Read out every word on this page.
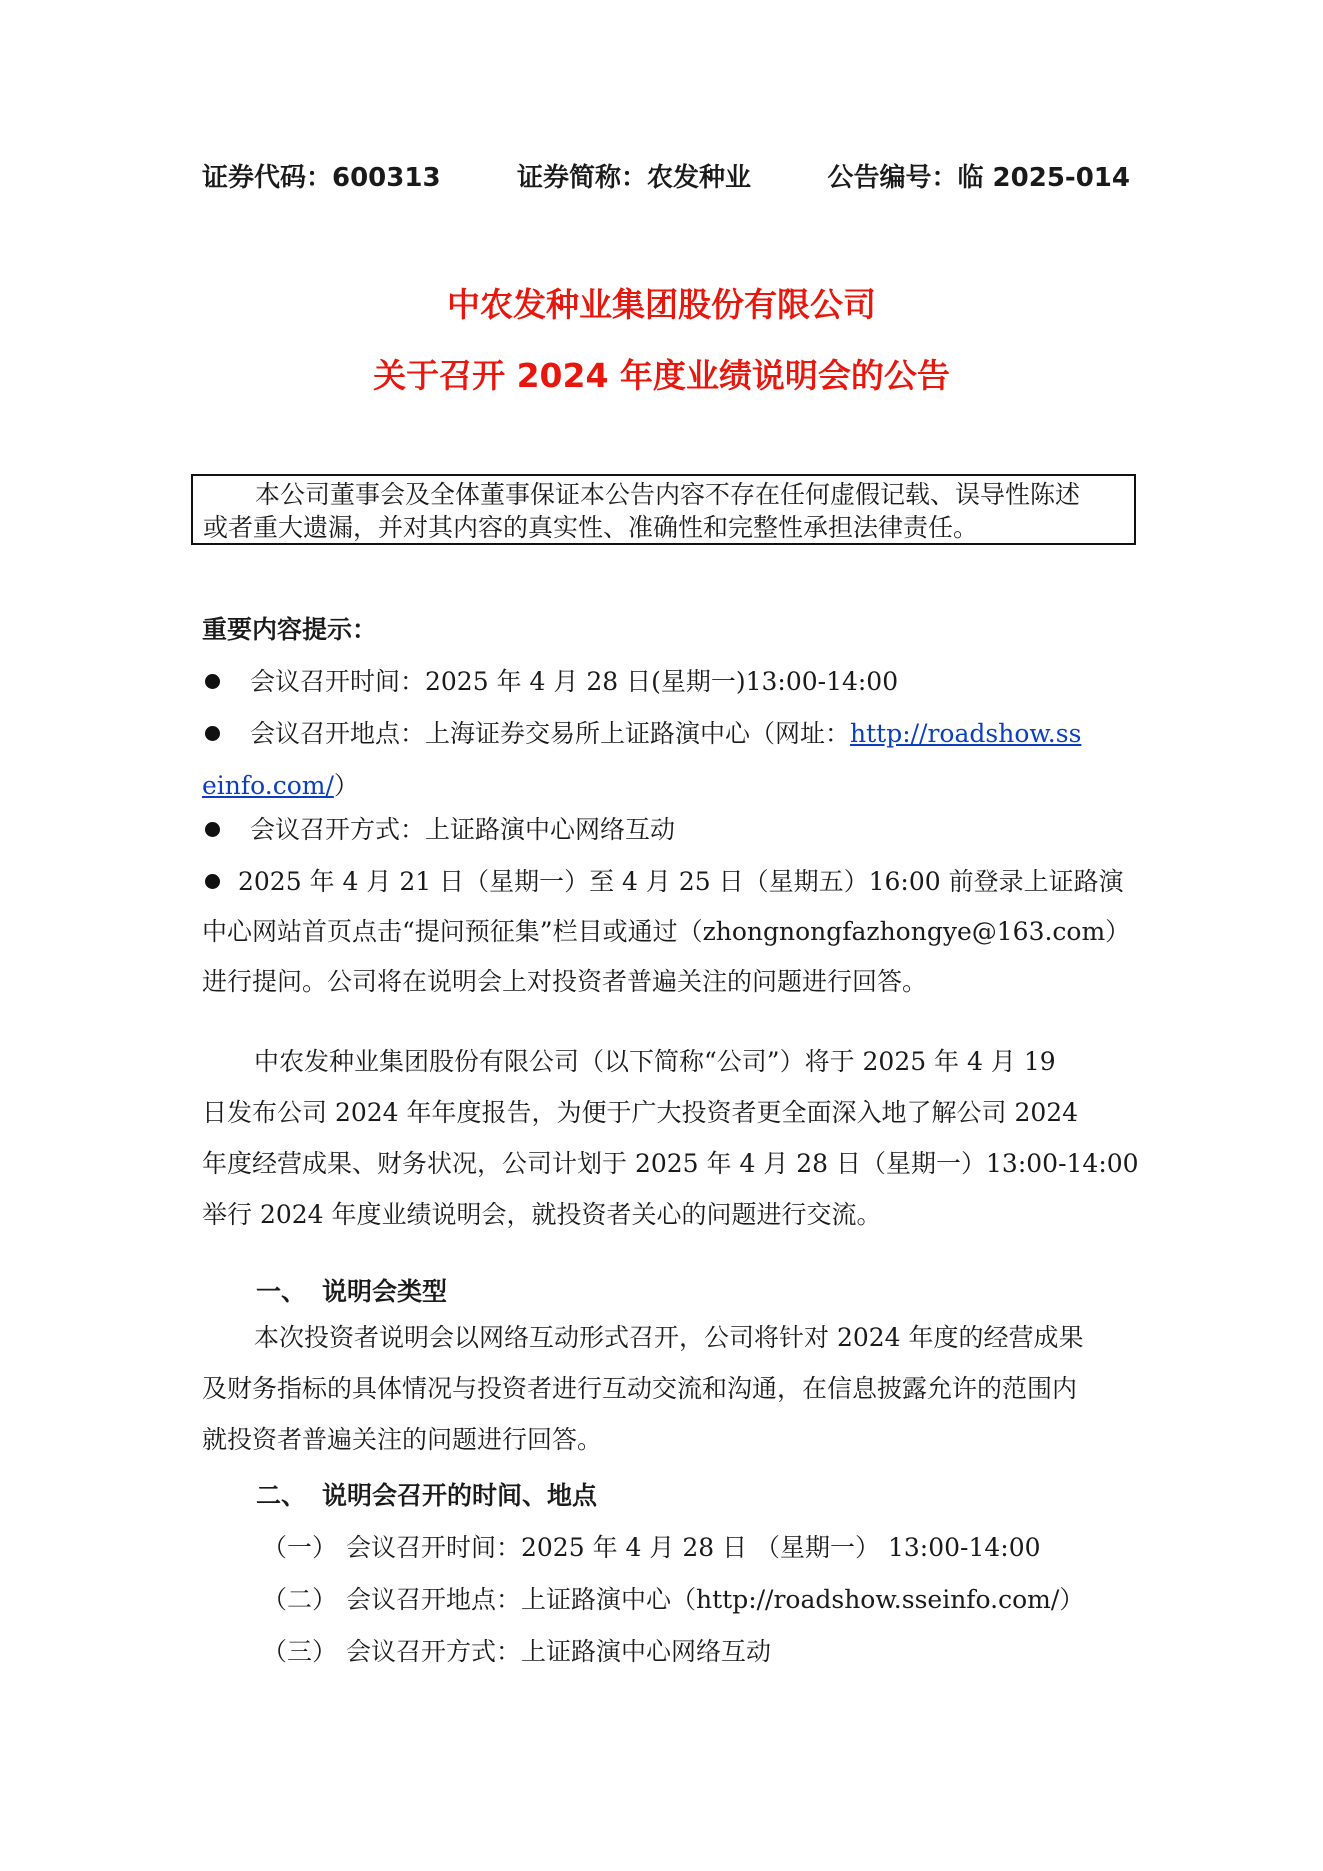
证券代码：600313	证券简称：农发种业	公告编号：临 2025-014
中农发种业集团股份有限公司
关于召开 2024 年度业绩说明会的公告
本公司董事会及全体董事保证本公告内容不存在任何虚假记载、误导性陈述
或者重大遗漏，并对其内容的真实性、准确性和完整性承担法律责任。
重要内容提示：
会议召开时间：2025 年 4 月 28 日(星期一)13:00-14:00
会议召开地点：上海证券交易所上证路演中心（网址：http://roadshow.ss
einfo.com/）
会议召开方式：上证路演中心网络互动
2025 年 4 月 21 日（星期一）至 4 月 25 日（星期五）16:00 前登录上证路演
中心网站首页点击“提问预征集”栏目或通过（zhongnongfazhongye@163.com）
进行提问。公司将在说明会上对投资者普遍关注的问题进行回答。
中农发种业集团股份有限公司（以下简称“公司”）将于 2025 年 4 月 19
日发布公司 2024 年年度报告，为便于广大投资者更全面深入地了解公司 2024
年度经营成果、财务状况，公司计划于 2025 年 4 月 28 日（星期一）13:00-14:00
举行 2024 年度业绩说明会，就投资者关心的问题进行交流。
一、 说明会类型
本次投资者说明会以网络互动形式召开，公司将针对 2024 年度的经营成果
及财务指标的具体情况与投资者进行互动交流和沟通，在信息披露允许的范围内
就投资者普遍关注的问题进行回答。
二、 说明会召开的时间、地点
（一） 会议召开时间：2025 年 4 月 28 日 （星期一） 13:00-14:00
（二） 会议召开地点：上证路演中心（http://roadshow.sseinfo.com/）
（三） 会议召开方式：上证路演中心网络互动
